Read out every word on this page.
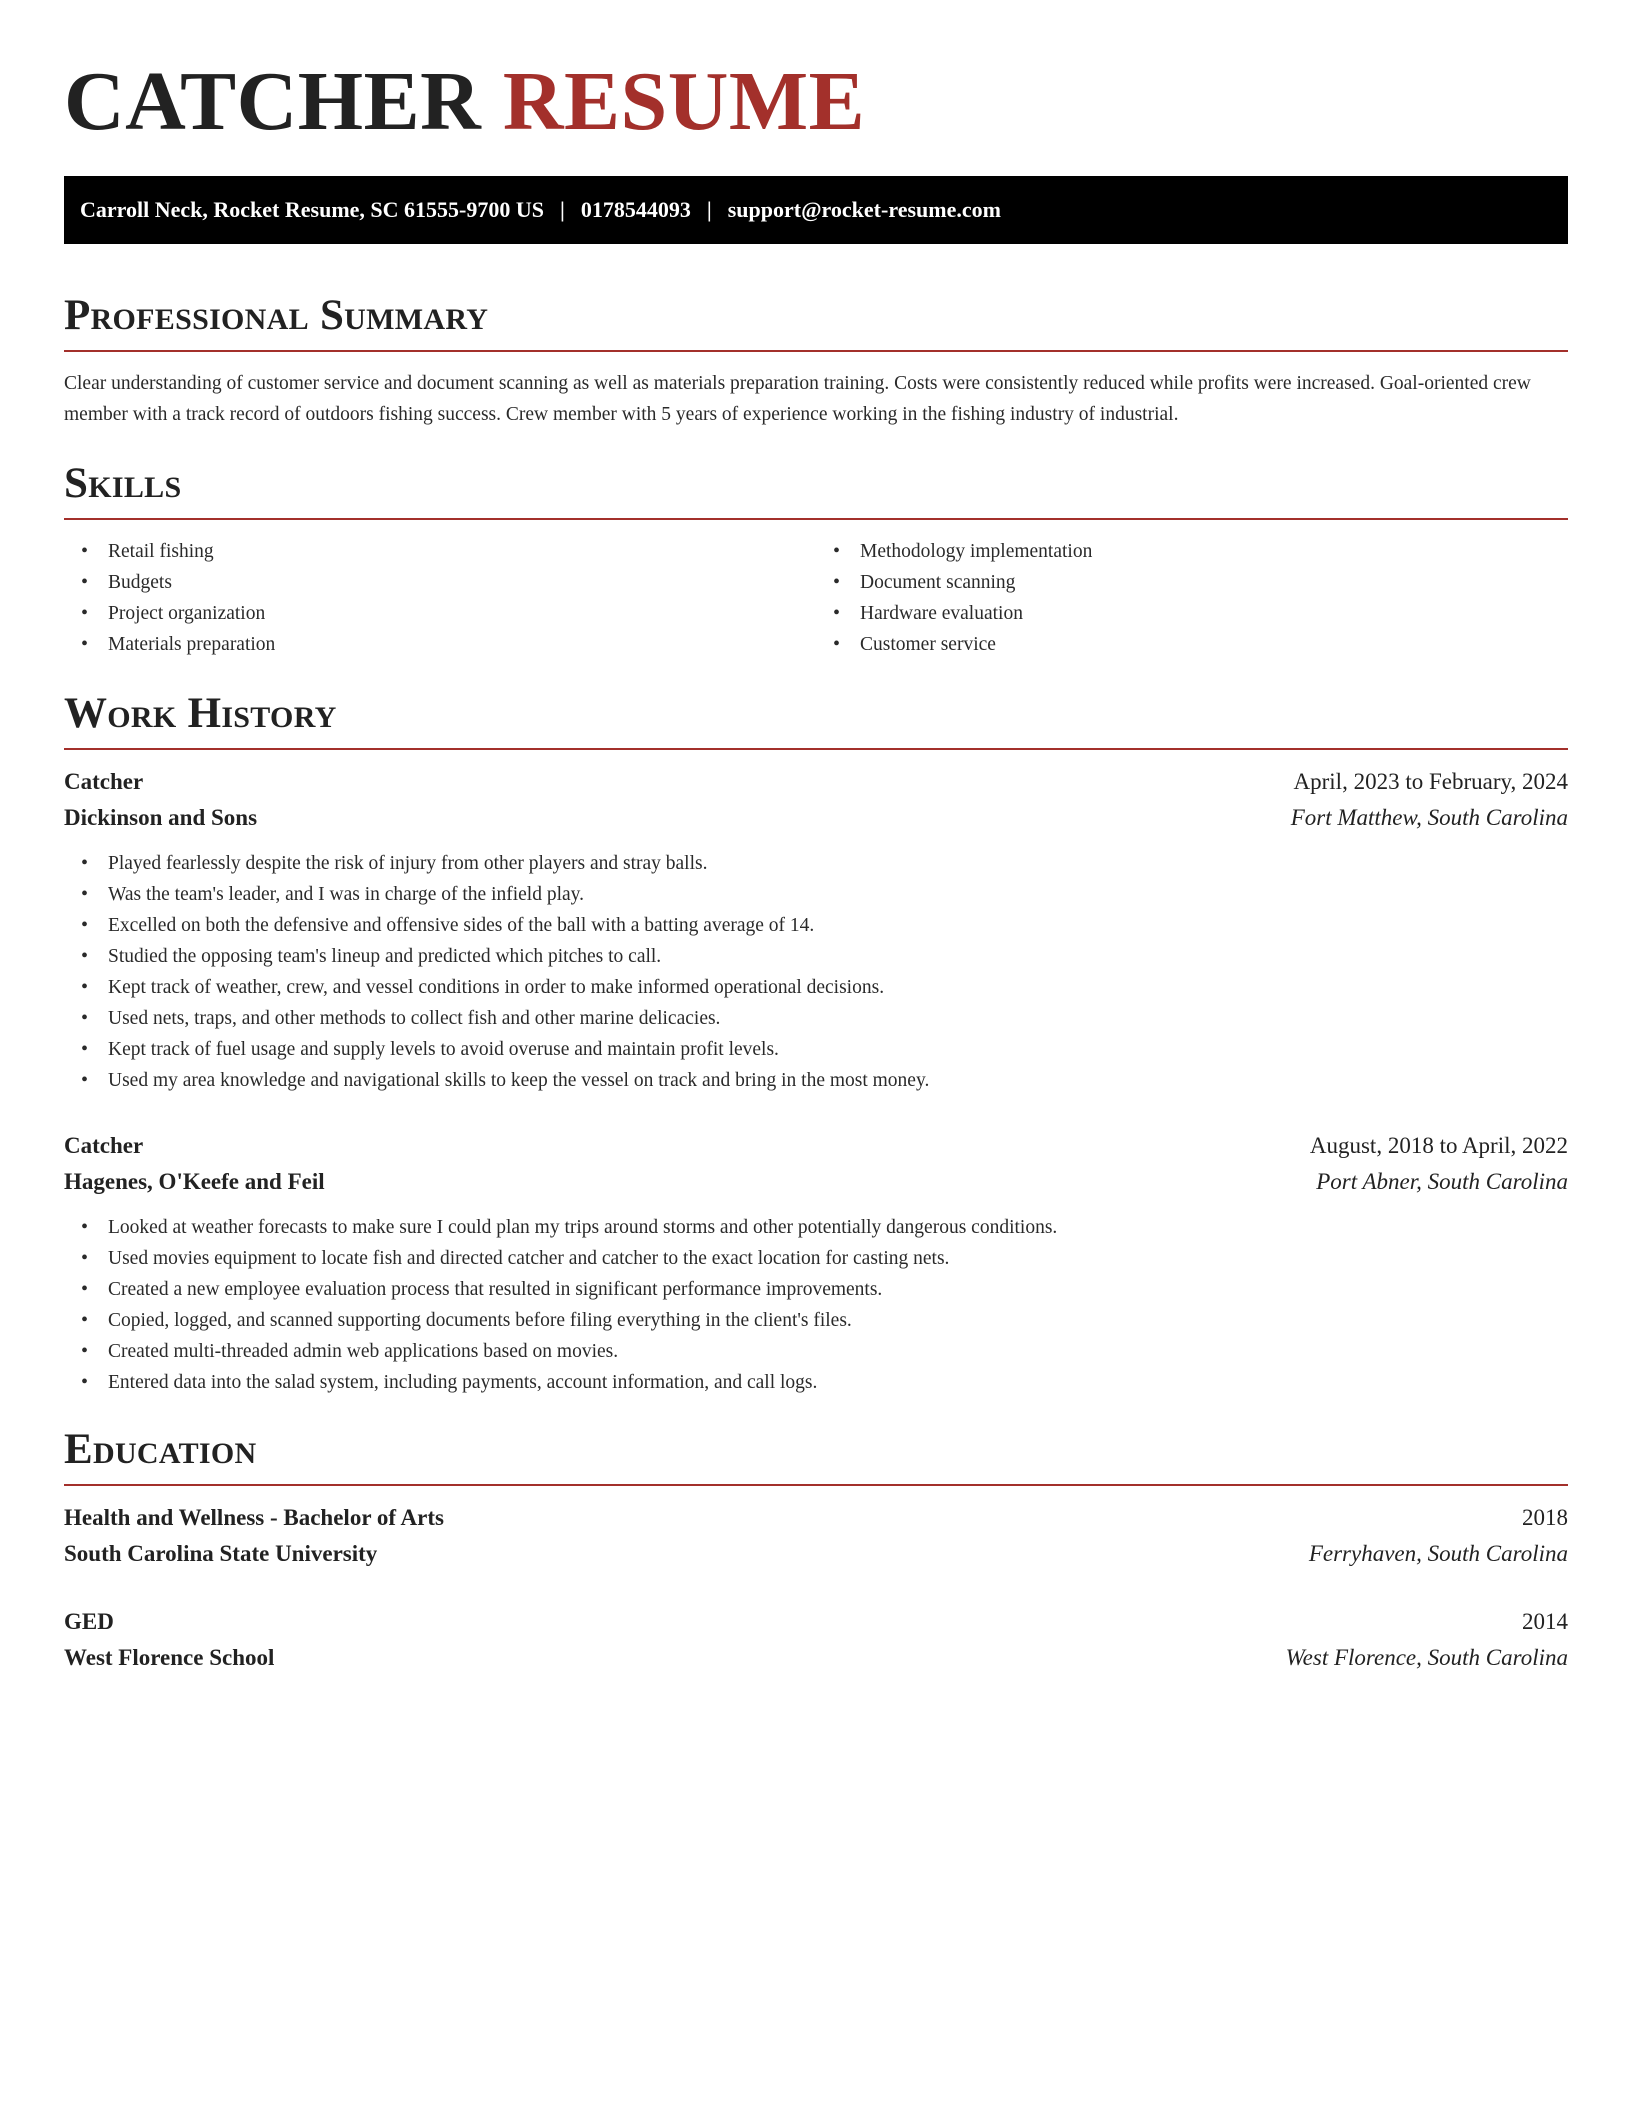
CATCHER RESUME
Carroll Neck, Rocket Resume, SC 61555-9700 US | 0178544093 | support@rocket-resume.com
Professional Summary

Clear understanding of customer service and document scanning as well as materials preparation training. Costs were consistently reduced while profits were increased. Goal-oriented crew member with a track record of outdoors fishing success. Crew member with 5 years of experience working in the fishing industry of industrial.

Skills
• Retail fishing
• Budgets
• Project organization
• Materials preparation
• Methodology implementation
• Document scanning
• Hardware evaluation
• Customer service
Work History
Catcher	April, 2023 to February, 2024
Dickinson and Sons	Fort Matthew, South Carolina
• Played fearlessly despite the risk of injury from other players and stray balls.
• Was the team's leader, and I was in charge of the infield play.
• Excelled on both the defensive and offensive sides of the ball with a batting average of 14.
• Studied the opposing team's lineup and predicted which pitches to call.
• Kept track of weather, crew, and vessel conditions in order to make informed operational decisions.
• Used nets, traps, and other methods to collect fish and other marine delicacies.
• Kept track of fuel usage and supply levels to avoid overuse and maintain profit levels.
• Used my area knowledge and navigational skills to keep the vessel on track and bring in the most money.
Catcher	August, 2018 to April, 2022
Hagenes, O'Keefe and Feil	Port Abner, South Carolina
• Looked at weather forecasts to make sure I could plan my trips around storms and other potentially dangerous conditions.
• Used movies equipment to locate fish and directed catcher and catcher to the exact location for casting nets.
• Created a new employee evaluation process that resulted in significant performance improvements.
• Copied, logged, and scanned supporting documents before filing everything in the client's files.
• Created multi-threaded admin web applications based on movies.
• Entered data into the salad system, including payments, account information, and call logs.
Education
Health and Wellness - Bachelor of Arts	2018
South Carolina State University	Ferryhaven, South Carolina
GED	2014
West Florence School	West Florence, South Carolina
